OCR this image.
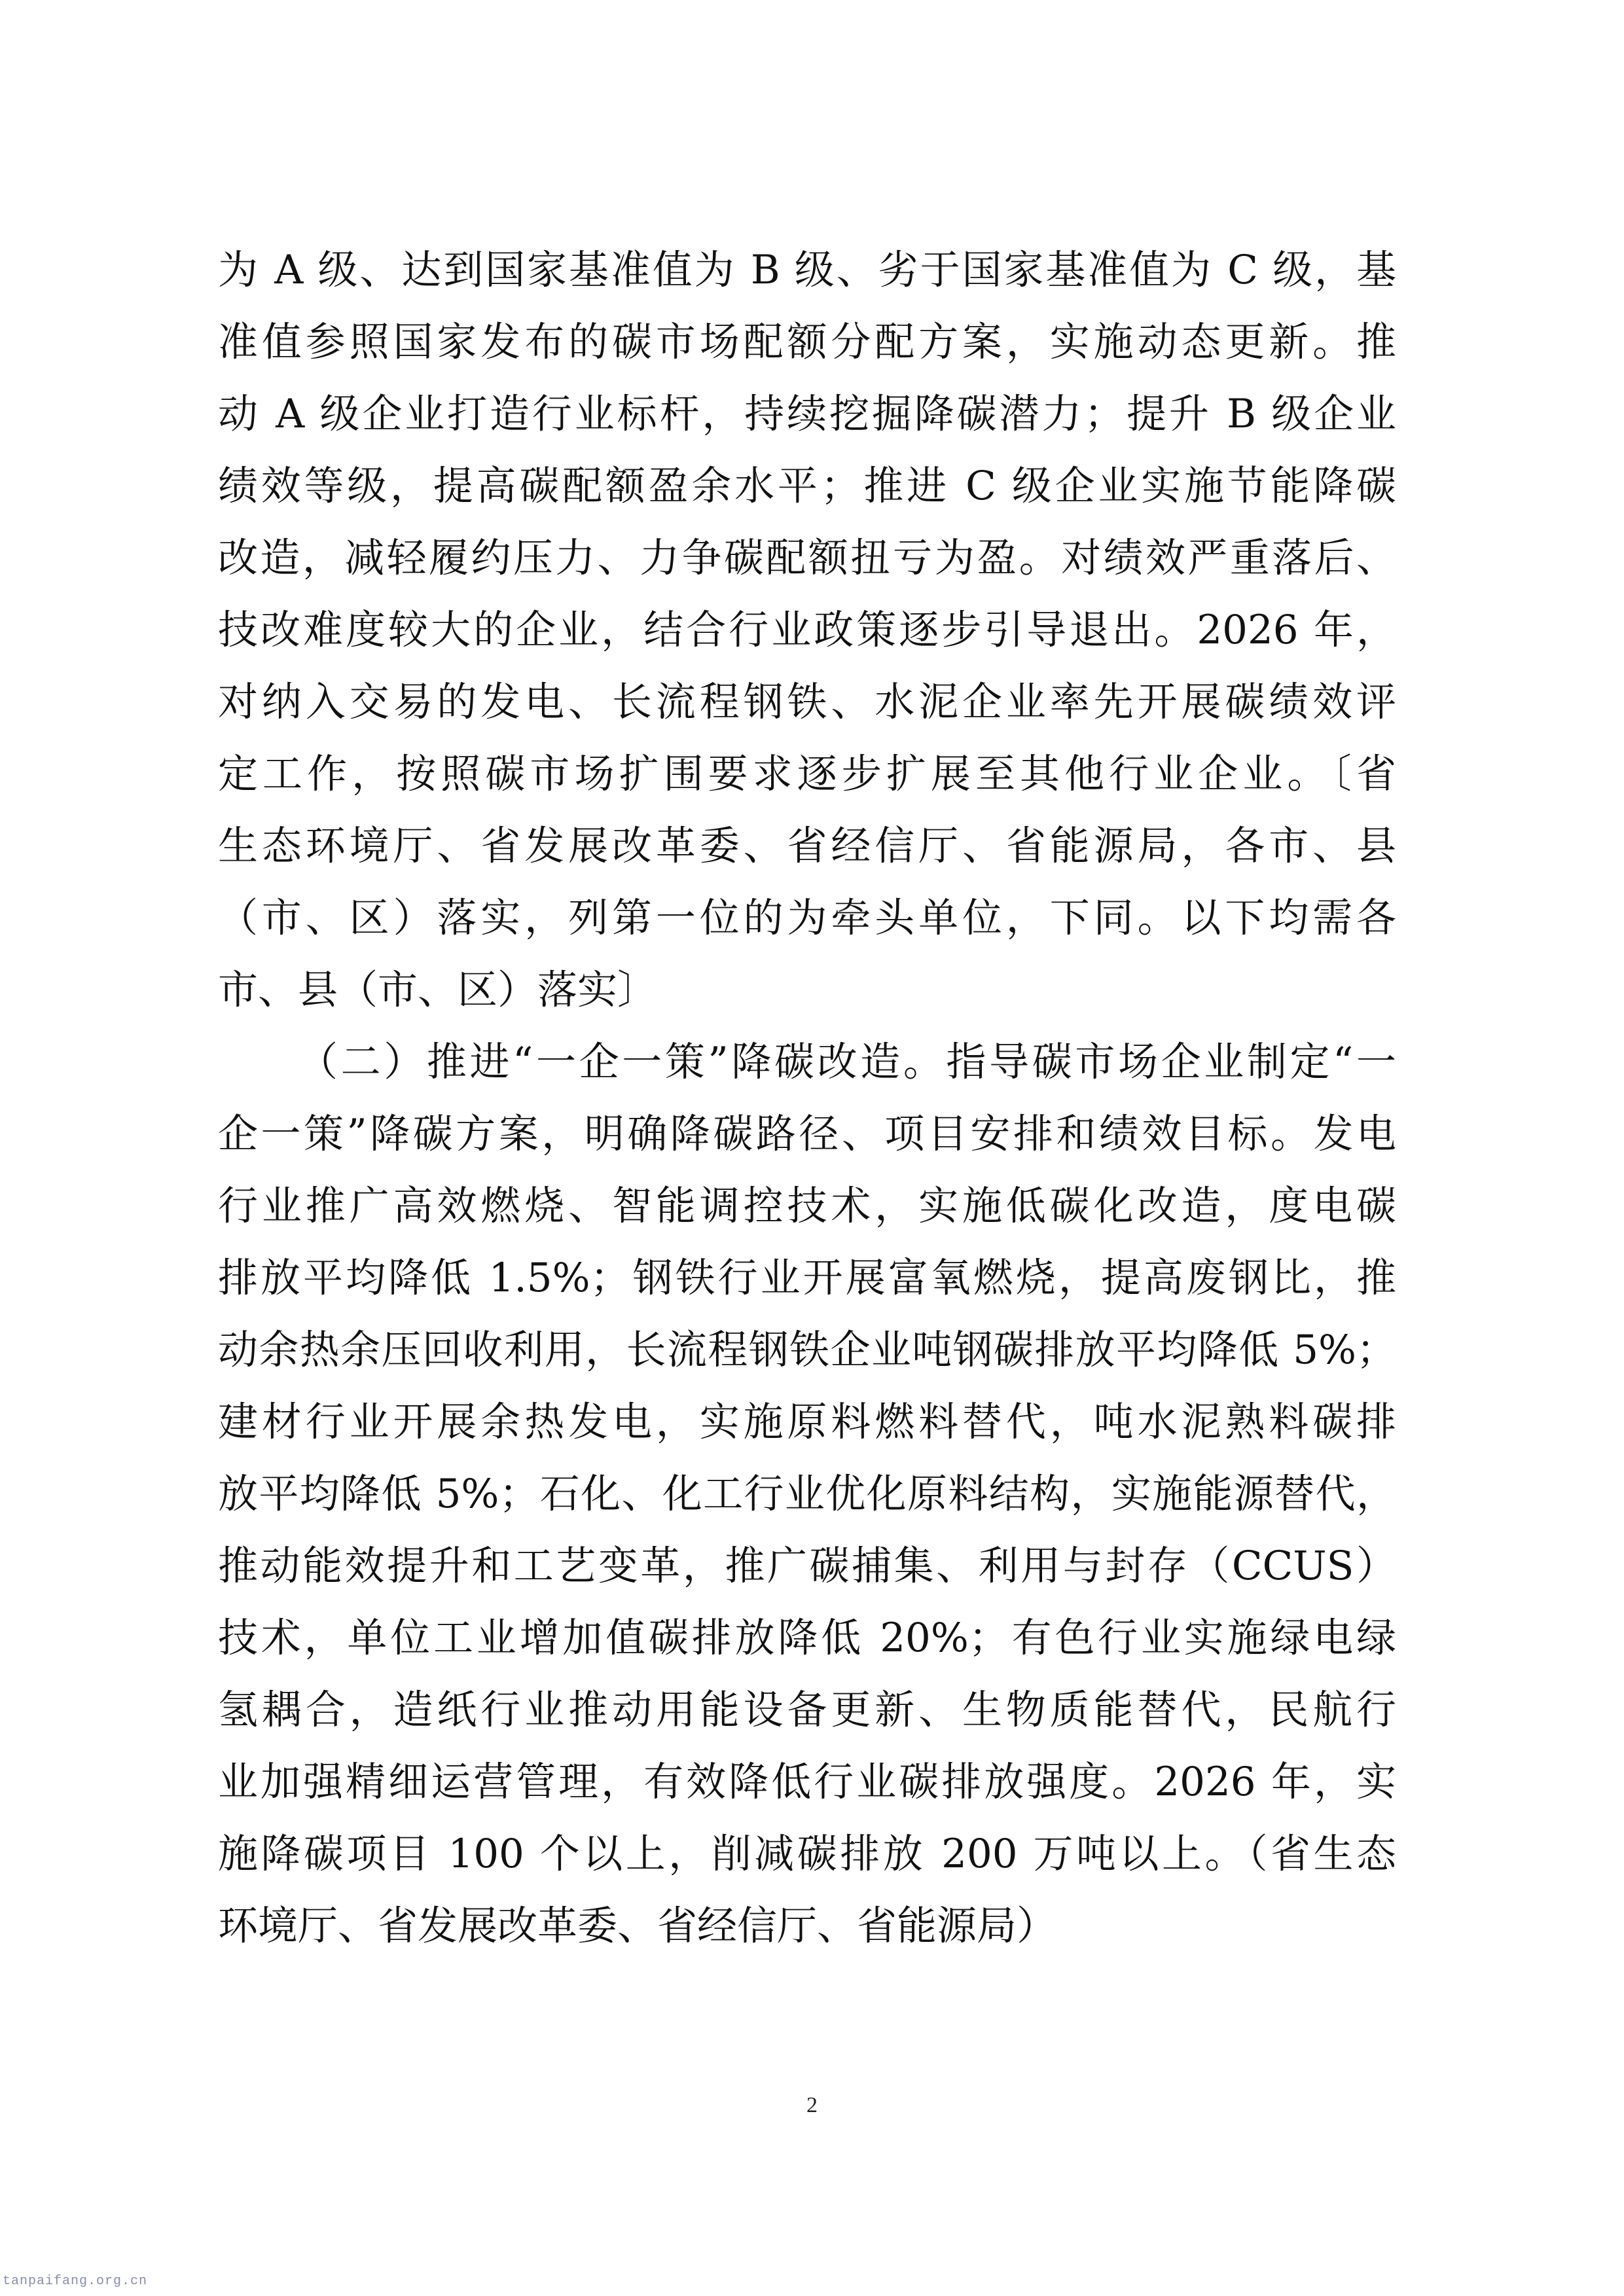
为 A 级、达到国家基准值为 B 级、劣于国家基准值为 C 级，基
准值参照国家发布的碳市场配额分配方案，实施动态更新。推
动 A 级企业打造行业标杆，持续挖掘降碳潜力；提升 B 级企业
绩效等级，提高碳配额盈余水平；推进 C 级企业实施节能降碳
改造，减轻履约压力、力争碳配额扭亏为盈。对绩效严重落后、
技改难度较大的企业，结合行业政策逐步引导退出。2026 年，
对纳入交易的发电、长流程钢铁、水泥企业率先开展碳绩效评
定工作，按照碳市场扩围要求逐步扩展至其他行业企业。〔省
生态环境厅、省发展改革委、省经信厅、省能源局，各市、县
（市、区）落实，列第一位的为牵头单位，下同。以下均需各
市、县（市、区）落实〕
（二）推进“一企一策”降碳改造。指导碳市场企业制定“一
企一策”降碳方案，明确降碳路径、项目安排和绩效目标。发电
行业推广高效燃烧、智能调控技术，实施低碳化改造，度电碳
排放平均降低 1.5%；钢铁行业开展富氧燃烧，提高废钢比，推
动余热余压回收利用，长流程钢铁企业吨钢碳排放平均降低 5%；
建材行业开展余热发电，实施原料燃料替代，吨水泥熟料碳排
放平均降低 5%；石化、化工行业优化原料结构，实施能源替代，
推动能效提升和工艺变革，推广碳捕集、利用与封存（CCUS）
技术，单位工业增加值碳排放降低 20%；有色行业实施绿电绿
氢耦合，造纸行业推动用能设备更新、生物质能替代，民航行
业加强精细运营管理，有效降低行业碳排放强度。2026 年，实
施降碳项目 100 个以上，削减碳排放 200 万吨以上。（省生态
环境厅、省发展改革委、省经信厅、省能源局）
2
tanpaifang.org.cn
